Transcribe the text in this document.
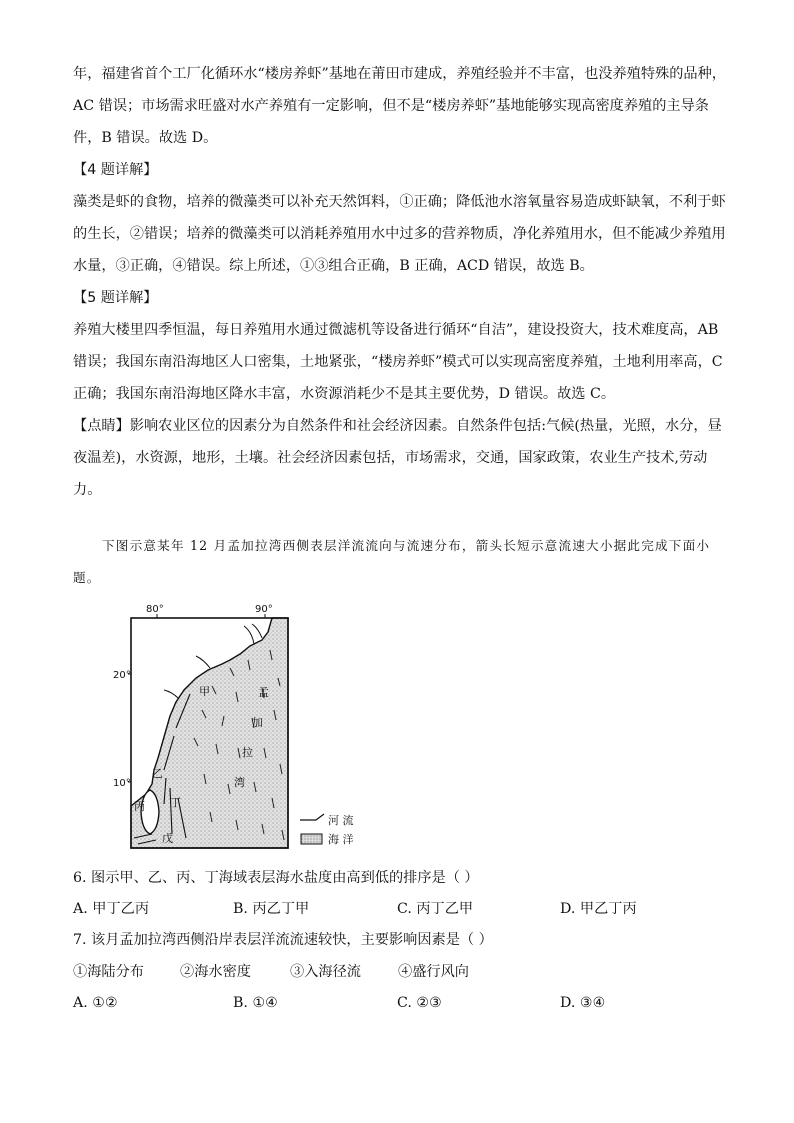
年，福建省首个工厂化循环水“楼房养虾”基地在莆田市建成，养殖经验并不丰富，也没养殖特殊的品种，
AC 错误；市场需求旺盛对水产养殖有一定影响，但不是“楼房养虾”基地能够实现高密度养殖的主导条
件，B 错误。故选 D。
【4 题详解】
藻类是虾的食物，培养的微藻类可以补充天然饵料，①正确；降低池水溶氧量容易造成虾缺氧，不利于虾
的生长，②错误；培养的微藻类可以消耗养殖用水中过多的营养物质，净化养殖用水，但不能减少养殖用
水量，③正确，④错误。综上所述，①③组合正确，B 正确，ACD 错误，故选 B。
【5 题详解】
养殖大楼里四季恒温，每日养殖用水通过微滤机等设备进行循环“自洁”，建设投资大，技术难度高，AB
错误；我国东南沿海地区人口密集，土地紧张，“楼房养虾”模式可以实现高密度养殖，土地利用率高，C
正确；我国东南沿海地区降水丰富，水资源消耗少不是其主要优势，D 错误。故选 C。
【点睛】影响农业区位的因素分为自然条件和社会经济因素。自然条件包括:气候(热量，光照，水分，昼
夜温差)，水资源，地形，土壤。社会经济因素包括，市场需求，交通，国家政策，农业生产技术,劳动
力。
下图示意某年 12 月孟加拉湾西侧表层洋流流向与流速分布，箭头长短示意流速大小据此完成下面小
题。
80°	90°
20°
10°
甲
乙
丙 丁
戊
孟
加
拉
湾
河 流
海 洋
6. 图示甲、乙、丙、丁海域表层海水盐度由高到低的排序是（ ）
A. 甲丁乙丙	B. 丙乙丁甲	C. 丙丁乙甲	D. 甲乙丁丙
7. 该月孟加拉湾西侧沿岸表层洋流流速较快，主要影响因素是（ ）
①海陆分布	②海水密度	③入海径流	④盛行风向
A. ①②	B. ①④	C. ②③	D. ③④
